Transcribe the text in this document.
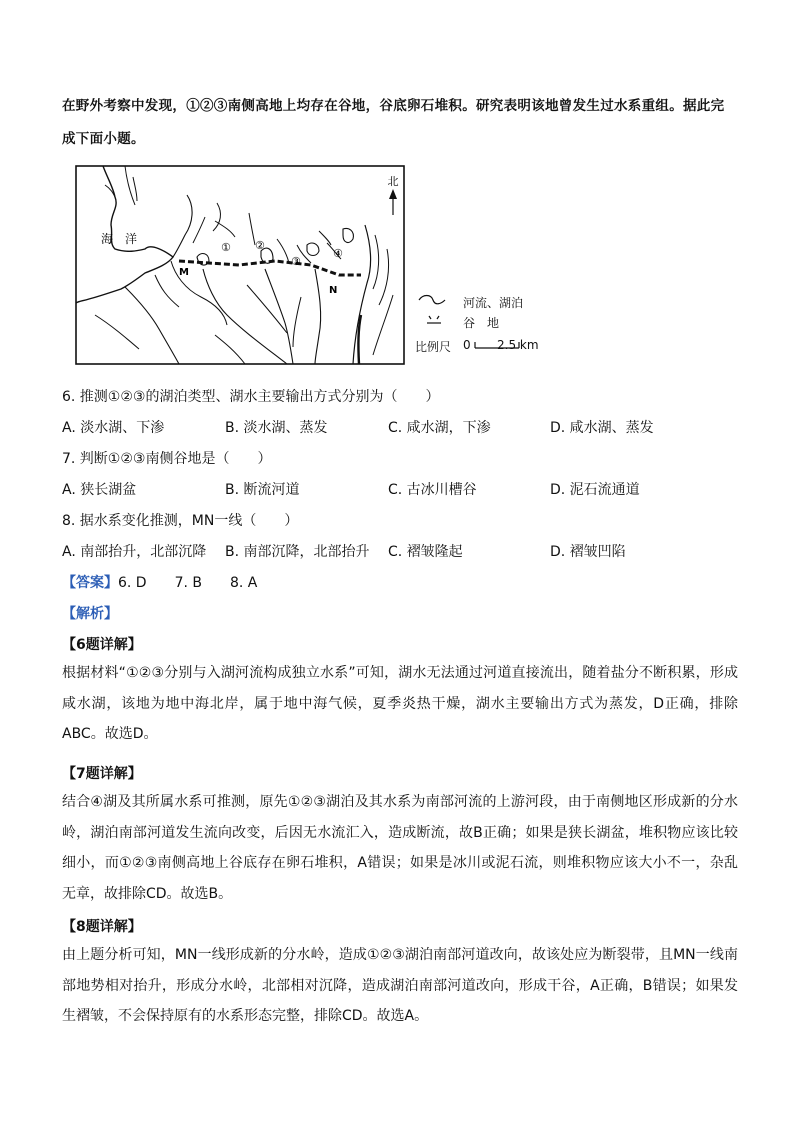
在野外考察中发现，①②③南侧高地上均存在谷地，谷底卵石堆积。研究表明该地曾发生过水系重组。据此完成下面小题。
北
海　洋
① ②
③
④
M
N
河流、湖泊
谷　地
比例尺 0 2.5 km
6. 推测①②③的湖泊类型、湖水主要输出方式分别为（　　）
A. 淡水湖、下渗	B. 淡水湖、蒸发	C. 咸水湖，下渗	D. 咸水湖、蒸发
7. 判断①②③南侧谷地是（　　）
A. 狭长湖盆	B. 断流河道	C. 古冰川槽谷	D. 泥石流通道
8. 据水系变化推测，MN一线（　　）
A. 南部抬升，北部沉降 B. 南部沉降，北部抬升 C. 褶皱隆起	D. 褶皱凹陷
【答案】6. D　　7. B　　8. A
【解析】
【6题详解】
根据材料“①②③分别与入湖河流构成独立水系”可知，湖水无法通过河道直接流出，随着盐分不断积累，形成咸水湖，该地为地中海北岸，属于地中海气候，夏季炎热干燥，湖水主要输出方式为蒸发，D正确，排除ABC。故选D。
【7题详解】
结合④湖及其所属水系可推测，原先①②③湖泊及其水系为南部河流的上游河段，由于南侧地区形成新的分水岭，湖泊南部河道发生流向改变，后因无水流汇入，造成断流，故B正确；如果是狭长湖盆，堆积物应该比较细小，而①②③南侧高地上谷底存在卵石堆积，A错误；如果是冰川或泥石流，则堆积物应该大小不一，杂乱无章，故排除CD。故选B。
【8题详解】
由上题分析可知，MN一线形成新的分水岭，造成①②③湖泊南部河道改向，故该处应为断裂带，且MN一线南部地势相对抬升，形成分水岭，北部相对沉降，造成湖泊南部河道改向，形成干谷，A正确，B错误；如果发生褶皱，不会保持原有的水系形态完整，排除CD。故选A。
